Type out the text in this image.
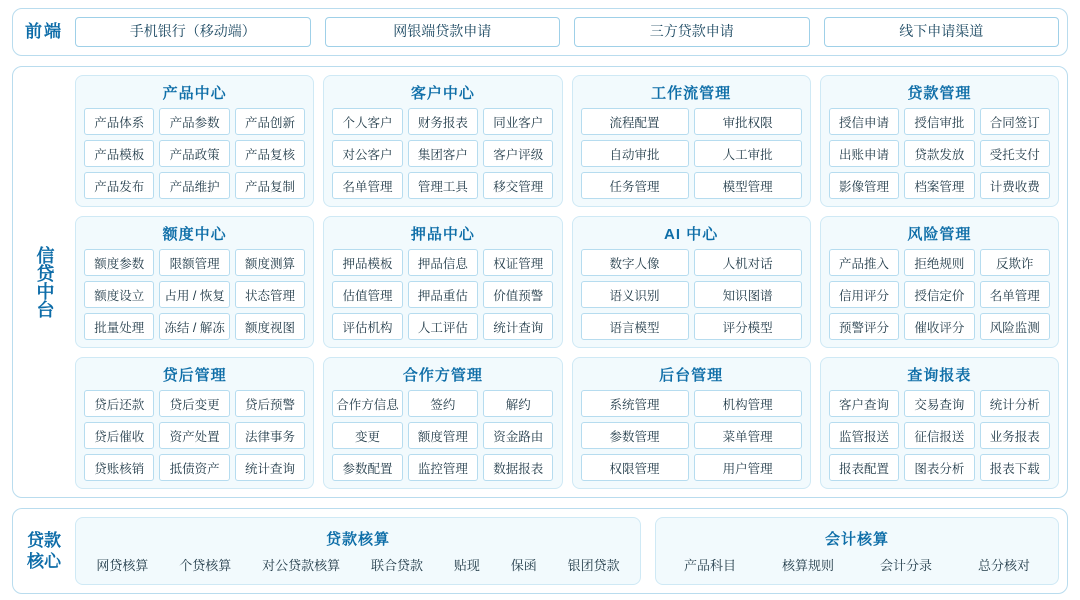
前端	手机银行（移动端）	网银端贷款申请	三方贷款申请	线下申请渠道
信贷中台
产品中心
产品体系	产品参数	产品创新
产品模板	产品政策	产品复核
产品发布	产品维护	产品复制
客户中心
个人客户	财务报表	同业客户
对公客户	集团客户	客户评级
名单管理	管理工具	移交管理
工作流管理
流程配置	审批权限
自动审批	人工审批
任务管理	模型管理
贷款管理
授信申请	授信审批	合同签订
出账申请	贷款发放	受托支付
影像管理	档案管理	计费收费
额度中心
额度参数	限额管理	额度测算
额度设立	占用 / 恢复	状态管理
批量处理	冻结 / 解冻	额度视图
押品中心
押品模板	押品信息	权证管理
估值管理	押品重估	价值预警
评估机构	人工评估	统计查询
AI 中心
数字人像	人机对话
语义识别	知识图谱
语言模型	评分模型
风险管理
产品推入	拒绝规则	反欺诈
信用评分	授信定价	名单管理
预警评分	催收评分	风险监测
贷后管理
贷后还款	贷后变更	贷后预警
贷后催收	资产处置	法律事务
贷账核销	抵债资产	统计查询
合作方管理
合作方信息	签约	解约
变更	额度管理	资金路由
参数配置	监控管理	数据报表
后台管理
系统管理	机构管理
参数管理	菜单管理
权限管理	用户管理
查询报表
客户查询	交易查询	统计分析
监管报送	征信报送	业务报表
报表配置	图表分析	报表下载
贷款
核心
贷款核算
网贷核算 个贷核算 对公贷款核算 联合贷款 贴现 保函 银团贷款
会计核算
产品科目	核算规则	会计分录	总分核对
